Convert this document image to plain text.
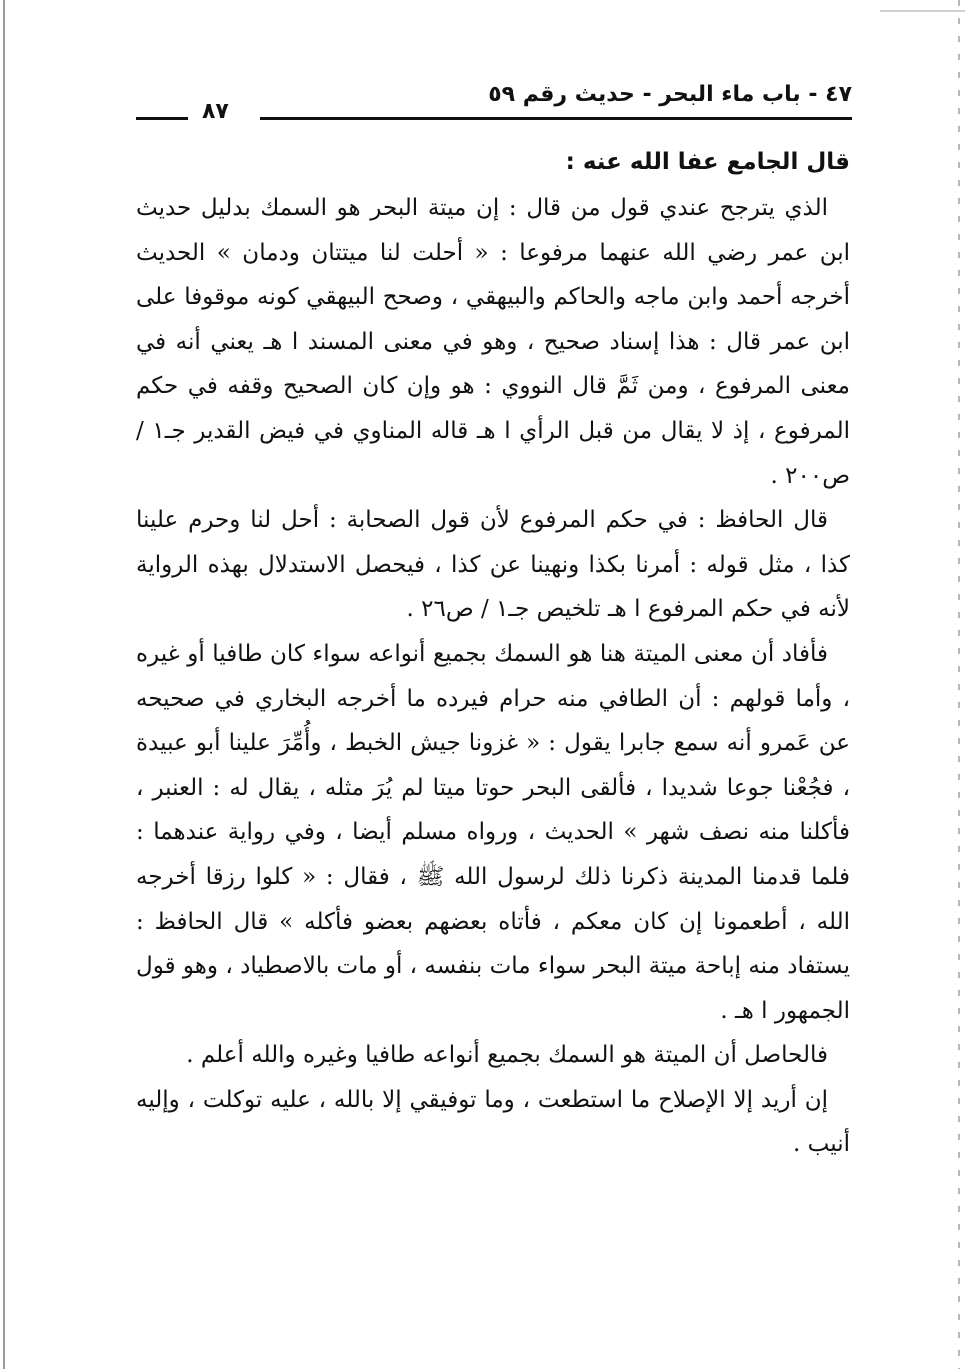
٤٧ - باب ماء البحر - حديث رقم ٥٩
٨٧
قال الجامع عفا الله عنه :

الذي يترجح عندي قول من قال : إن ميتة البحر هو السمك بدليل حديث ابن عمر رضي الله عنهما مرفوعا : « أحلت لنا ميتتان ودمان » الحديث أخرجه أحمد وابن ماجه والحاكم والبيهقي ، وصحح البيهقي كونه موقوفا على ابن عمر قال : هذا إسناد صحيح ، وهو في معنى المسند ا هـ يعني أنه في معنى المرفوع ، ومن ثَمَّ قال النووي : هو وإن كان الصحيح وقفه في حكم المرفوع ، إذ لا يقال من قبل الرأي ا هـ قاله المناوي في فيض القدير جـ١ / ص٢٠٠ .

قال الحافظ : في حكم المرفوع لأن قول الصحابة : أحل لنا وحرم علينا كذا ، مثل قوله : أمرنا بكذا ونهينا عن كذا ، فيحصل الاستدلال بهذه الرواية لأنه في حكم المرفوع ا هـ تلخيص جـ١ / ص٢٦ .

فأفاد أن معنى الميتة هنا هو السمك بجميع أنواعه سواء كان طافيا أو غيره ، وأما قولهم : أن الطافي منه حرام فيرده ما أخرجه البخاري في صحيحه عن عَمرو أنه سمع جابرا يقول : « غزونا جيش الخبط ، وأُمِّرَ علينا أبو عبيدة ، فجُعْنا جوعا شديدا ، فألقى البحر حوتا ميتا لم يُرَ مثله ، يقال له : العنبر ، فأكلنا منه نصف شهر » الحديث ، ورواه مسلم أيضا ، وفي رواية عندهما : فلما قدمنا المدينة ذكرنا ذلك لرسول الله ﷺ ، فقال : « كلوا رزقا أخرجه الله ، أطعمونا إن كان معكم ، فأتاه بعضهم بعضو فأكله » قال الحافظ : يستفاد منه إباحة ميتة البحر سواء مات بنفسه ، أو مات بالاصطياد ، وهو قول الجمهور ا هـ .

فالحاصل أن الميتة هو السمك بجميع أنواعه طافيا وغيره والله أعلم .

إن أريد إلا الإصلاح ما استطعت ، وما توفيقي إلا بالله ، عليه توكلت ، وإليه أنيب .
